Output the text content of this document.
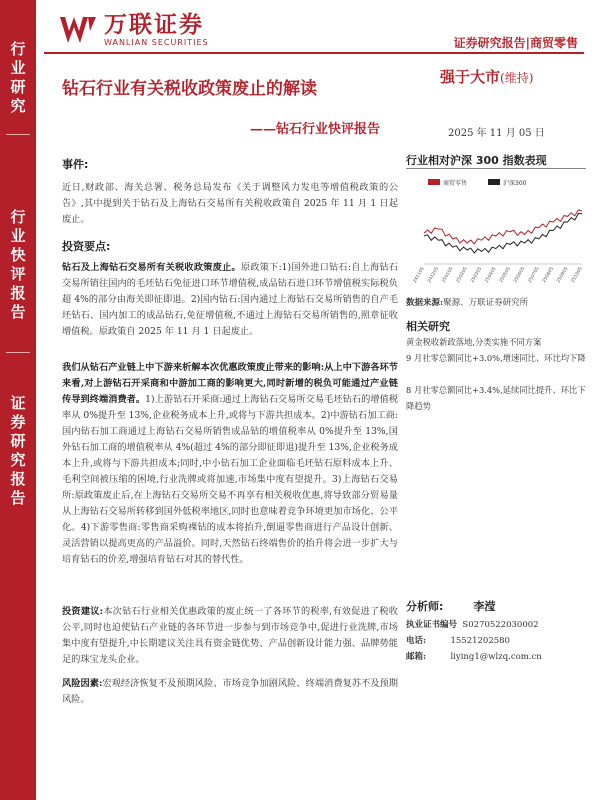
行
业
研
究
行
业
快
评
报
告
证
券
研
究
报
告
万联证券
WANLIAN SECURITIES	证券研究报告|商贸零售
钻石行业有关税收政策废止的解读
——钻石行业快评报告
强于大市(维持)
2025 年 11 月 05 日
事件:
近日,财政部、海关总署、税务总局发布《关于调整风力发电等增值税政策的公告》,其中提到关于钻石及上海钻石交易所有关税收政策自 2025 年 11 月 1 日起废止。
投资要点:
钻石及上海钻石交易所有关税收政策废止。原政策下:1)国外进口钻石:自上海钻石交易所销往国内的毛坯钻石免征进口环节增值税,成品钻石进口环节增值税实际税负超 4%的部分由海关即征即退。2)国内钻石:国内通过上海钻石交易所销售的自产毛坯钻石、国内加工的成品钻石,免征增值税,不通过上海钻石交易所销售的,照章征收增值税。原政策自 2025 年 11 月 1 日起废止。
我们从钻石产业链上中下游来析解本次优惠政策废止带来的影响:从上中下游各环节来看,对上游钻石开采商和中游加工商的影响更大,同时新增的税负可能通过产业链传导到终端消费者。1)上游钻石开采商:通过上海钻石交易所交易毛坯钻石的增值税率从 0%提升至 13%,企业税务成本上升,或将与下游共担成本。2)中游钻石加工商:国内钻石加工商通过上海钻石交易所销售成品钻的增值税率从 0%提升至 13%,国外钻石加工商的增值税率从 4%(超过 4%的部分即征即退)提升至 13%,企业税务成本上升,或将与下游共担成本;同时,中小钻石加工企业面临毛坯钻石原料成本上升、毛利空间被压缩的困境,行业洗牌或将加速,市场集中度有望提升。3)上海钻石交易所:原政策废止后,在上海钻石交易所交易不再享有相关税收优惠,将导致部分贸易量从上海钻石交易所转移到国外低税率地区,同时也意味着竞争环境更加市场化、公平化。4)下游零售商:零售商采购裸钻的成本将抬升,倒逼零售商进行产品设计创新、灵活营销以提高更高的产品溢价。同时,天然钻石终端售价的抬升将会进一步扩大与培育钻石的价差,增强培育钻石对其的替代性。
投资建议:本次钻石行业相关优惠政策的废止统一了各环节的税率,有效促进了税收公平,同时也迫使钻石产业链的各环节进一步参与到市场竞争中,促进行业洗牌,市场集中度有望提升,中长期建议关注具有资金链优势、产品创新设计能力强、品牌势能足的珠宝龙头企业。
风险因素:宏观经济恢复不及预期风险、市场竞争加剧风险、终端消费复苏不及预期风险。
行业相对沪深 300 指数表现
商贸零售	沪深300
241105 241205 250105 250205 250305 250405 250505 250605 250705 250805 250905 251005
数据来源:聚源、万联证券研究所
相关研究
黄金税收新政落地,分类实施不同方案
9 月社零总额同比+3.0%,增速同比、环比均下降
8 月社零总额同比+3.4%,延续同比提升、环比下降趋势
分析师:	李滢
执业证书编号 S0270522030002
电话:	15521202580
邮箱:	liying1@wlzq.com.cn
